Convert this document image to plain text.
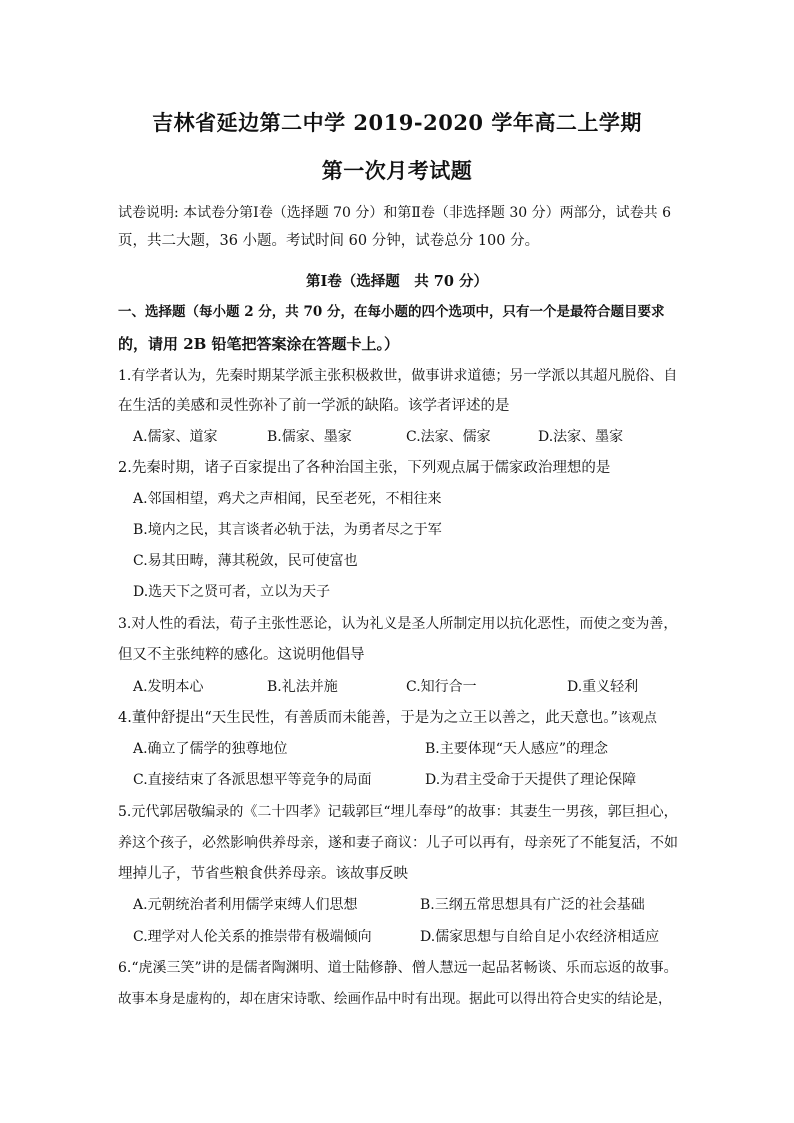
吉林省延边第二中学 2019-2020 学年高二上学期
第一次月考试题
试卷说明: 本试卷分第Ⅰ卷（选择题 70 分）和第Ⅱ卷（非选择题 30 分）两部分，试卷共 6
页，共二大题，36 小题。考试时间 60 分钟，试卷总分 100 分。
第Ⅰ卷（选择题　共 70 分）
一、选择题（每小题 2 分，共 70 分，在每小题的四个选项中，只有一个是最符合题目要求
的，请用 2B 铅笔把答案涂在答题卡上。）
1.有学者认为，先秦时期某学派主张积极救世，做事讲求道德；另一学派以其超凡脱俗、自
在生活的美感和灵性弥补了前一学派的缺陷。该学者评述的是
A.儒家、道家	B.儒家、墨家	C.法家、儒家	D.法家、墨家
2.先秦时期，诸子百家提出了各种治国主张，下列观点属于儒家政治理想的是
A.邻国相望，鸡犬之声相闻，民至老死，不相往来
B.境内之民，其言谈者必轨于法，为勇者尽之于军
C.易其田畴，薄其税敛，民可使富也
D.选天下之贤可者，立以为天子
3.对人性的看法，荀子主张性恶论，认为礼义是圣人所制定用以抗化恶性，而使之变为善，
但又不主张纯粹的感化。这说明他倡导
A.发明本心	B.礼法并施	C.知行合一	D.重义轻利
4.董仲舒提出“天生民性，有善质而未能善，于是为之立王以善之，此天意也。”该观点
A.确立了儒学的独尊地位	B.主要体现“天人感应”的理念
C.直接结束了各派思想平等竞争的局面	D.为君主受命于天提供了理论保障
5.元代郭居敬编录的《二十四孝》记载郭巨“埋儿奉母”的故事：其妻生一男孩，郭巨担心，
养这个孩子，必然影响供养母亲，遂和妻子商议：儿子可以再有，母亲死了不能复活，不如
埋掉儿子，节省些粮食供养母亲。该故事反映
A.元朝统治者利用儒学束缚人们思想	B.三纲五常思想具有广泛的社会基础
C.理学对人伦关系的推崇带有极端倾向	D.儒家思想与自给自足小农经济相适应
6.“虎溪三笑”讲的是儒者陶渊明、道士陆修静、僧人慧远一起品茗畅谈、乐而忘返的故事。
故事本身是虚构的，却在唐宋诗歌、绘画作品中时有出现。据此可以得出符合史实的结论是，
